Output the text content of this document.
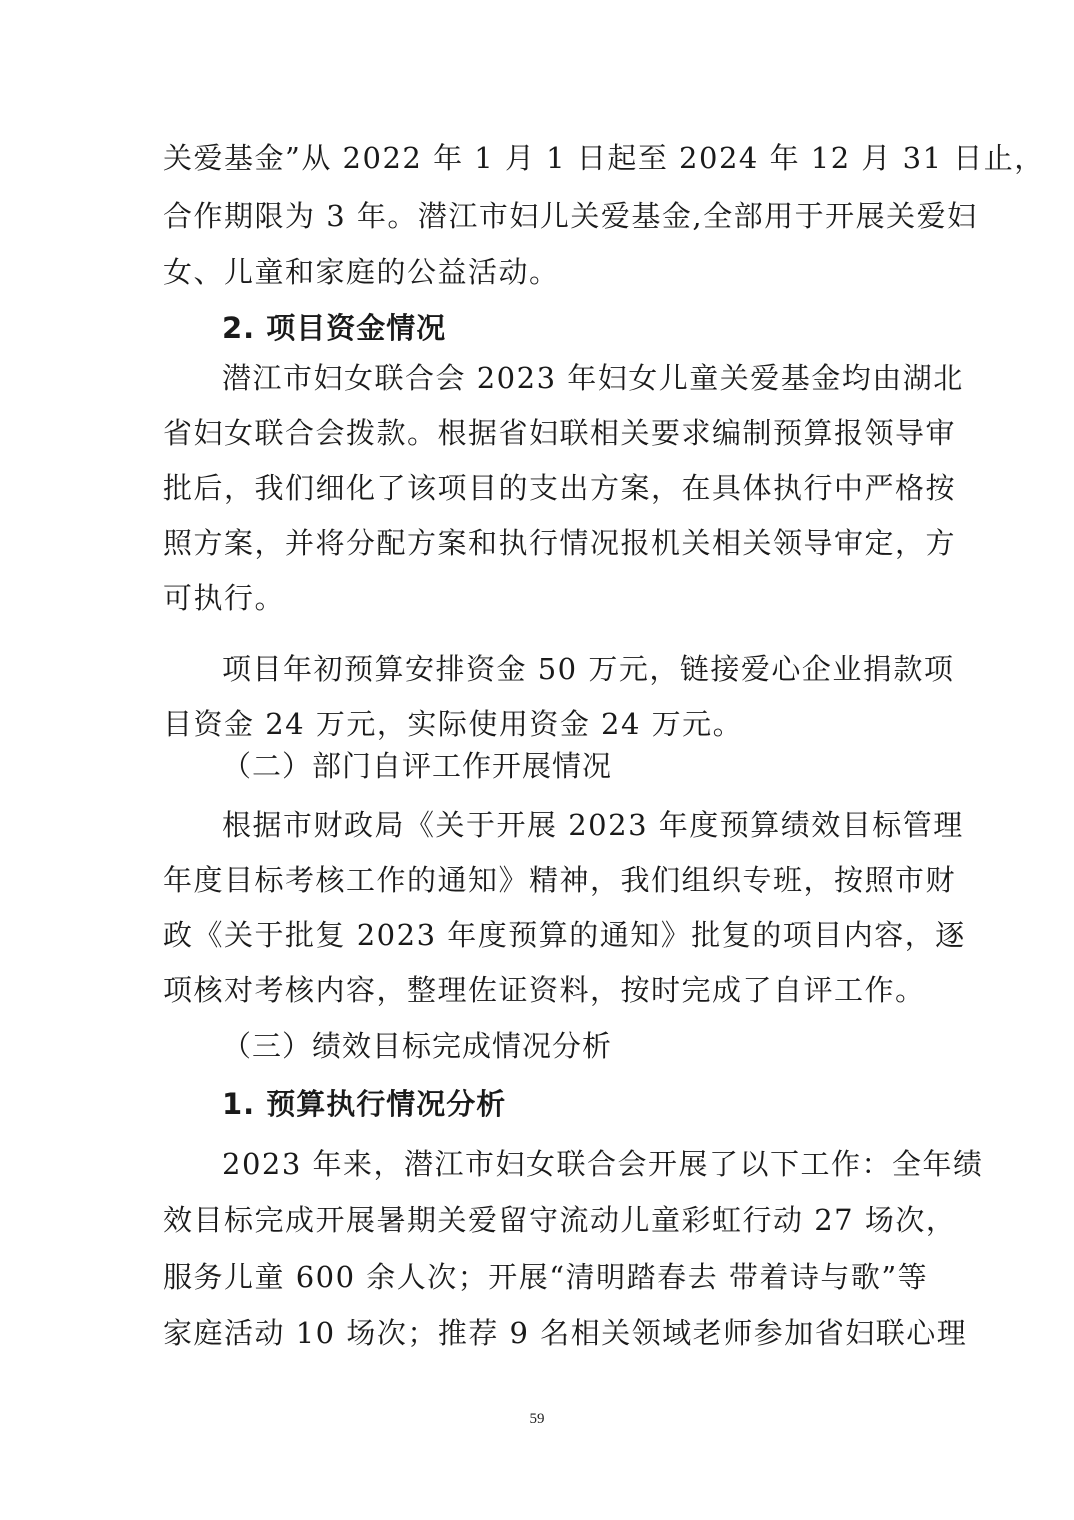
关爱基金”从 2022 年 1 月 1 日起至 2024 年 12 月 31 日止，
合作期限为 3 年。潜江市妇儿关爱基金,全部用于开展关爱妇
女、儿童和家庭的公益活动。
2. 项目资金情况
潜江市妇女联合会 2023 年妇女儿童关爱基金均由湖北
省妇女联合会拨款。根据省妇联相关要求编制预算报领导审
批后，我们细化了该项目的支出方案，在具体执行中严格按
照方案，并将分配方案和执行情况报机关相关领导审定，方
可执行。
项目年初预算安排资金 50 万元，链接爱心企业捐款项
目资金 24 万元，实际使用资金 24 万元。
（二）部门自评工作开展情况
根据市财政局《关于开展 2023 年度预算绩效目标管理
年度目标考核工作的通知》精神，我们组织专班，按照市财
政《关于批复 2023 年度预算的通知》批复的项目内容，逐
项核对考核内容，整理佐证资料，按时完成了自评工作。
（三）绩效目标完成情况分析
1. 预算执行情况分析
2023 年来，潜江市妇女联合会开展了以下工作：全年绩
效目标完成开展暑期关爱留守流动儿童彩虹行动 27 场次，
服务儿童 600 余人次；开展“清明踏春去 带着诗与歌”等
家庭活动 10 场次；推荐 9 名相关领域老师参加省妇联心理
59
